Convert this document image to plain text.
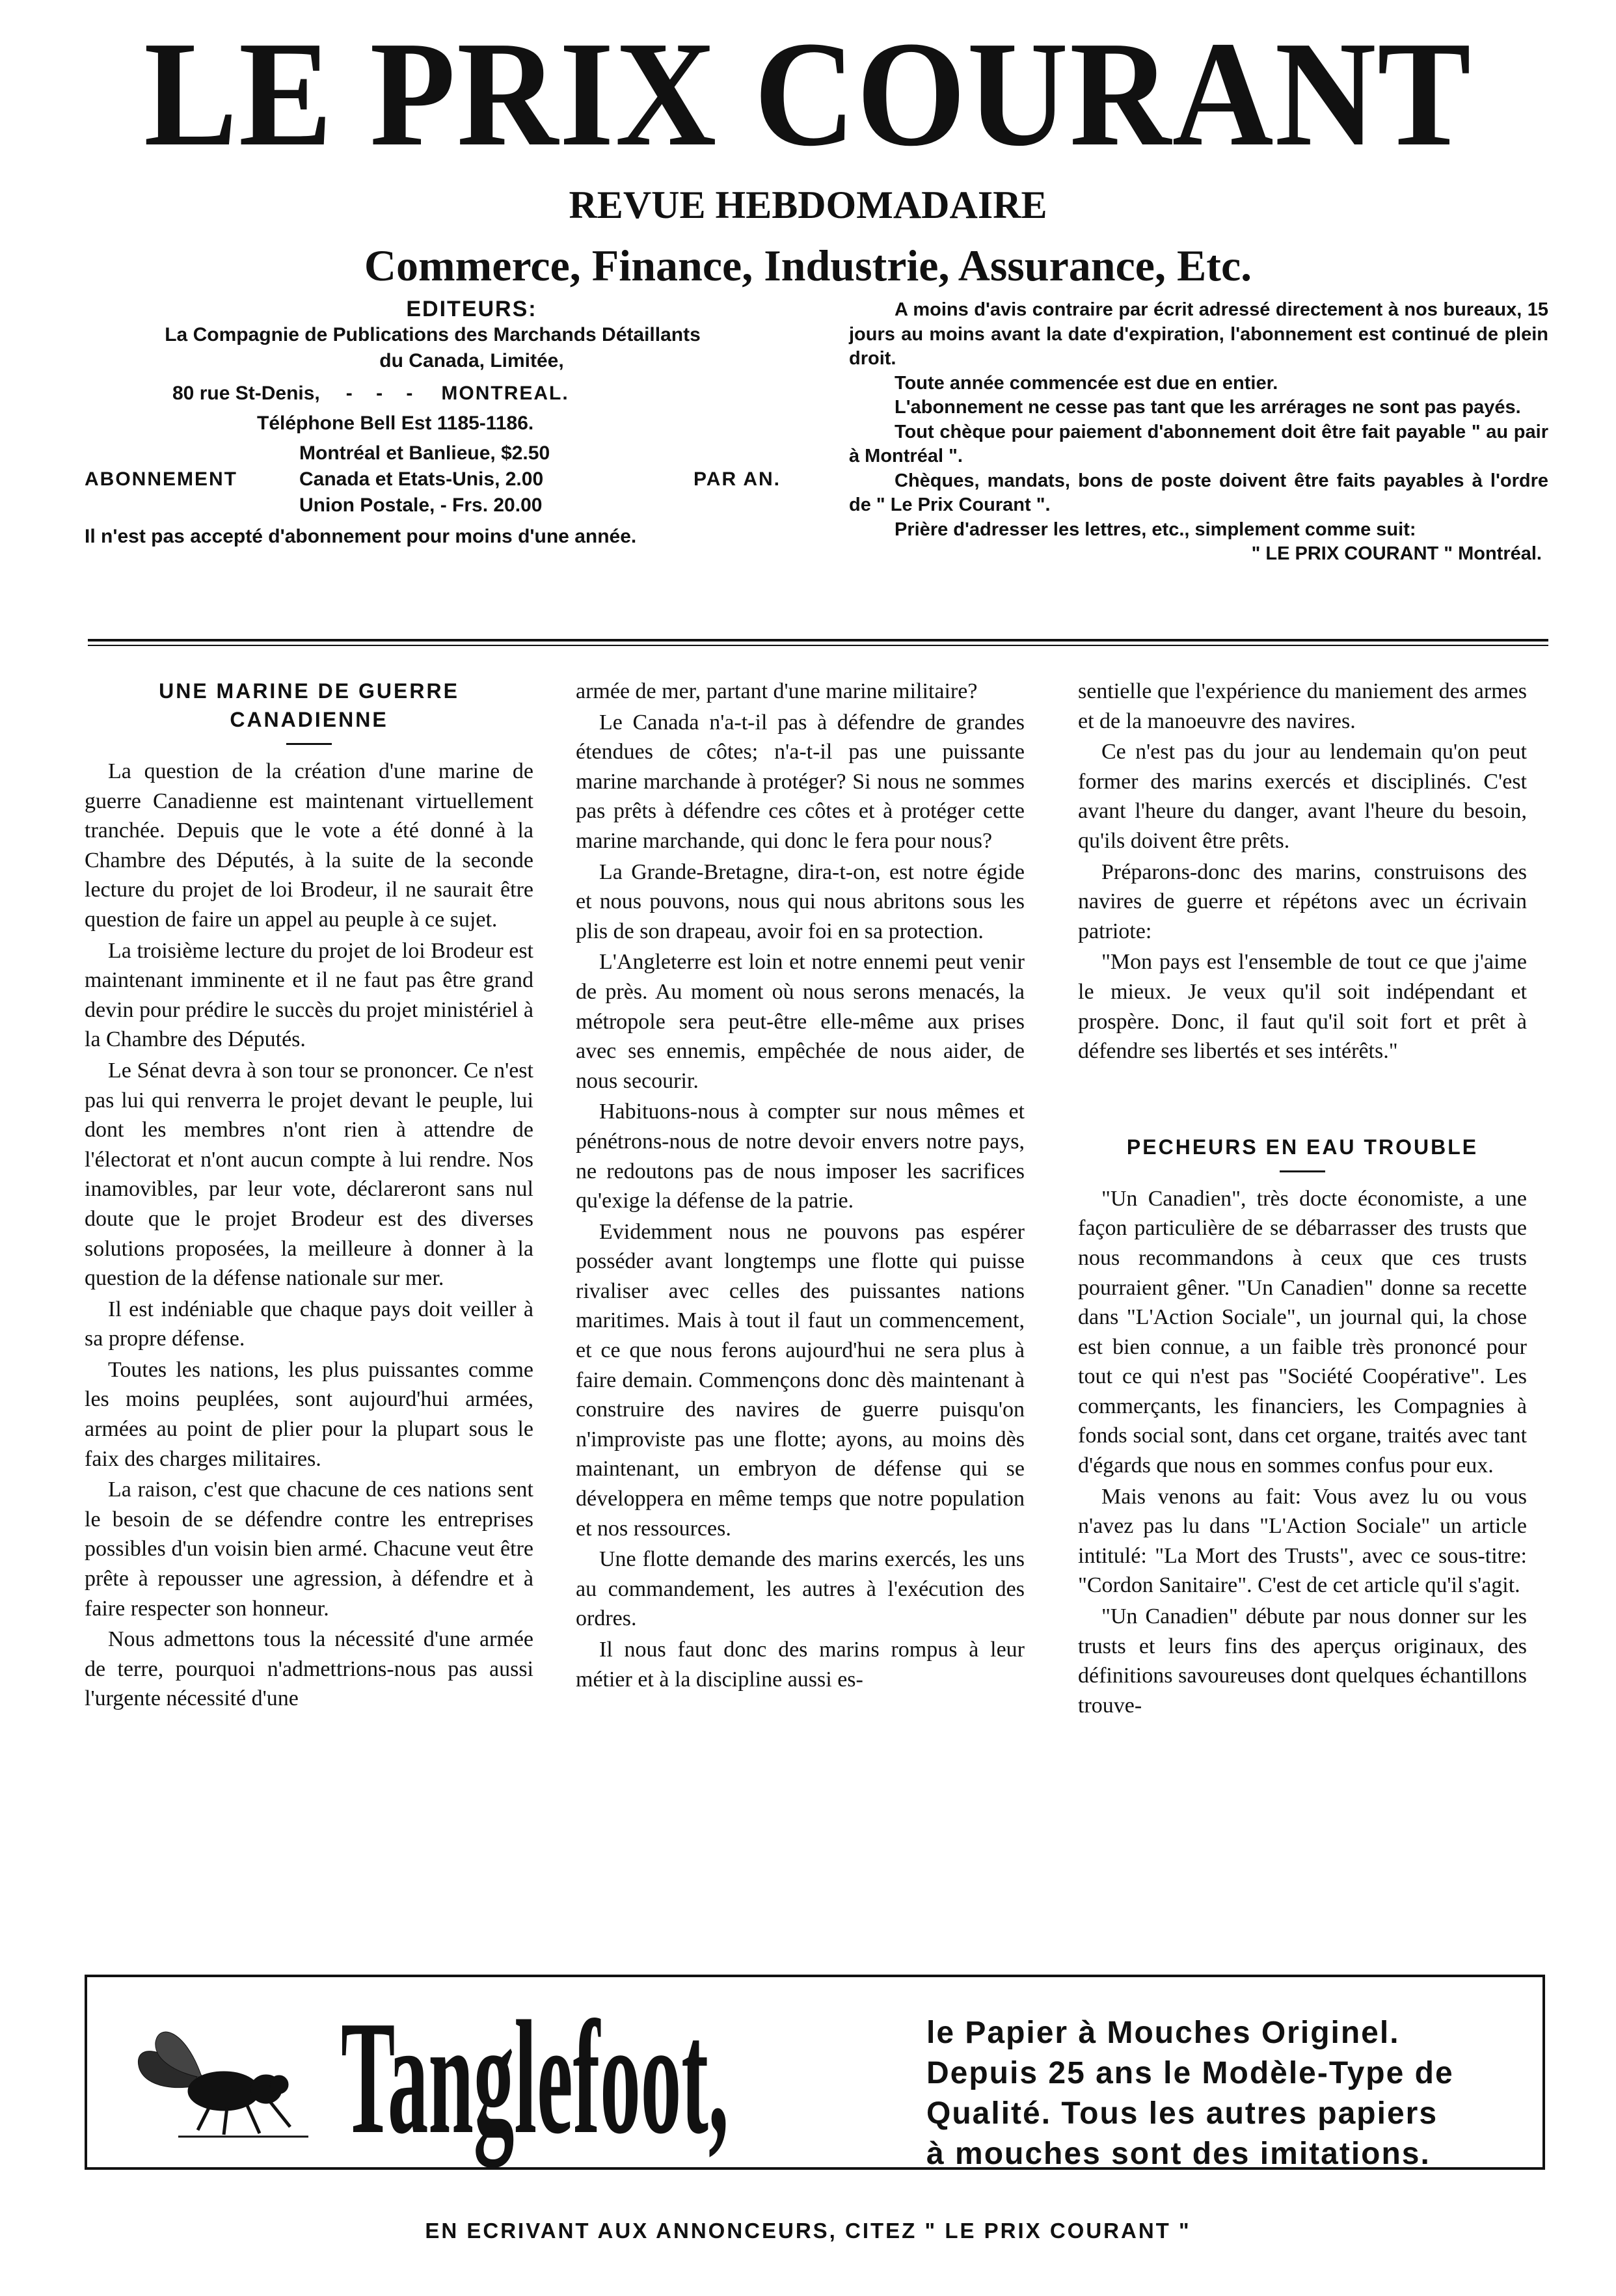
LE PRIX COURANT
REVUE HEBDOMADAIRE
Commerce, Finance, Industrie, Assurance, Etc.
EDITEURS:
La Compagnie de Publications des Marchands Détaillants
du Canada, Limitée,
80 rue St-Denis, - - - MONTREAL.
Téléphone Bell Est 1185-1186.
ABONNEMENT
Montréal et Banlieue, $2.50
Canada et Etats-Unis, 2.00
Union Postale, - Frs. 20.00
PAR AN.
Il n'est pas accepté d'abonnement pour moins d'une année.

A moins d'avis contraire par écrit adressé directement à nos bureaux, 15 jours au moins avant la date d'expiration, l'abonnement est continué de plein droit.

Toute année commencée est due en entier.

L'abonnement ne cesse pas tant que les arrérages ne sont pas payés.

Tout chèque pour paiement d'abonnement doit être fait payable " au pair à Montréal ".

Chèques, mandats, bons de poste doivent être faits payables à l'ordre de " Le Prix Courant ".

Prière d'adresser les lettres, etc., simplement comme suit:

" LE PRIX COURANT " Montréal.
UNE MARINE DE GUERRE CANADIENNE

La question de la création d'une marine de guerre Canadienne est maintenant virtuellement tranchée. Depuis que le vote a été donné à la Chambre des Députés, à la suite de la seconde lecture du projet de loi Brodeur, il ne saurait être question de faire un appel au peuple à ce sujet.

La troisième lecture du projet de loi Brodeur est maintenant imminente et il ne faut pas être grand devin pour prédire le succès du projet ministériel à la Chambre des Députés.

Le Sénat devra à son tour se prononcer. Ce n'est pas lui qui renverra le projet devant le peuple, lui dont les membres n'ont rien à attendre de l'électorat et n'ont aucun compte à lui rendre. Nos inamovibles, par leur vote, déclareront sans nul doute que le projet Brodeur est des diverses solutions proposées, la meilleure à donner à la question de la défense nationale sur mer.

Il est indéniable que chaque pays doit veiller à sa propre défense.

Toutes les nations, les plus puissantes comme les moins peuplées, sont aujourd'hui armées, armées au point de plier pour la plupart sous le faix des charges militaires.

La raison, c'est que chacune de ces nations sent le besoin de se défendre contre les entreprises possibles d'un voisin bien armé. Chacune veut être prête à repousser une agression, à défendre et à faire respecter son honneur.

Nous admettons tous la nécessité d'une armée de terre, pourquoi n'admettrions-nous pas aussi l'urgente nécessité d'une

armée de mer, partant d'une marine militaire?

Le Canada n'a-t-il pas à défendre de grandes étendues de côtes; n'a-t-il pas une puissante marine marchande à protéger? Si nous ne sommes pas prêts à défendre ces côtes et à protéger cette marine marchande, qui donc le fera pour nous?

La Grande-Bretagne, dira-t-on, est notre égide et nous pouvons, nous qui nous abritons sous les plis de son drapeau, avoir foi en sa protection.

L'Angleterre est loin et notre ennemi peut venir de près. Au moment où nous serons menacés, la métropole sera peut-être elle-même aux prises avec ses ennemis, empêchée de nous aider, de nous secourir.

Habituons-nous à compter sur nous mêmes et pénétrons-nous de notre devoir envers notre pays, ne redoutons pas de nous imposer les sacrifices qu'exige la défense de la patrie.

Evidemment nous ne pouvons pas espérer posséder avant longtemps une flotte qui puisse rivaliser avec celles des puissantes nations maritimes. Mais à tout il faut un commencement, et ce que nous ferons aujourd'hui ne sera plus à faire demain. Commençons donc dès maintenant à construire des navires de guerre puisqu'on n'improviste pas une flotte; ayons, au moins dès maintenant, un embryon de défense qui se développera en même temps que notre population et nos ressources.

Une flotte demande des marins exercés, les uns au commandement, les autres à l'exécution des ordres.

Il nous faut donc des marins rompus à leur métier et à la discipline aussi es-

sentielle que l'expérience du maniement des armes et de la manoeuvre des navires.

Ce n'est pas du jour au lendemain qu'on peut former des marins exercés et disciplinés. C'est avant l'heure du danger, avant l'heure du besoin, qu'ils doivent être prêts.

Préparons-donc des marins, construisons des navires de guerre et répétons avec un écrivain patriote:

"Mon pays est l'ensemble de tout ce que j'aime le mieux. Je veux qu'il soit indépendant et prospère. Donc, il faut qu'il soit fort et prêt à défendre ses libertés et ses intérêts."

PECHEURS EN EAU TROUBLE

"Un Canadien", très docte économiste, a une façon particulière de se débarrasser des trusts que nous recommandons à ceux que ces trusts pourraient gêner. "Un Canadien" donne sa recette dans "L'Action Sociale", un journal qui, la chose est bien connue, a un faible très prononcé pour tout ce qui n'est pas "Société Coopérative". Les commerçants, les financiers, les Compagnies à fonds social sont, dans cet organe, traités avec tant d'égards que nous en sommes confus pour eux.

Mais venons au fait: Vous avez lu ou vous n'avez pas lu dans "L'Action Sociale" un article intitulé: "La Mort des Trusts", avec ce sous-titre: "Cordon Sanitaire". C'est de cet article qu'il s'agit.

"Un Canadien" débute par nous donner sur les trusts et leurs fins des aperçus originaux, des définitions savoureuses dont quelques échantillons trouve-

Tanglefoot,	le Papier à Mouches Originel.
Depuis 25 ans le Modèle-Type de
Qualité. Tous les autres papiers
à mouches sont des imitations.
EN ECRIVANT AUX ANNONCEURS, CITEZ " LE PRIX COURANT "
